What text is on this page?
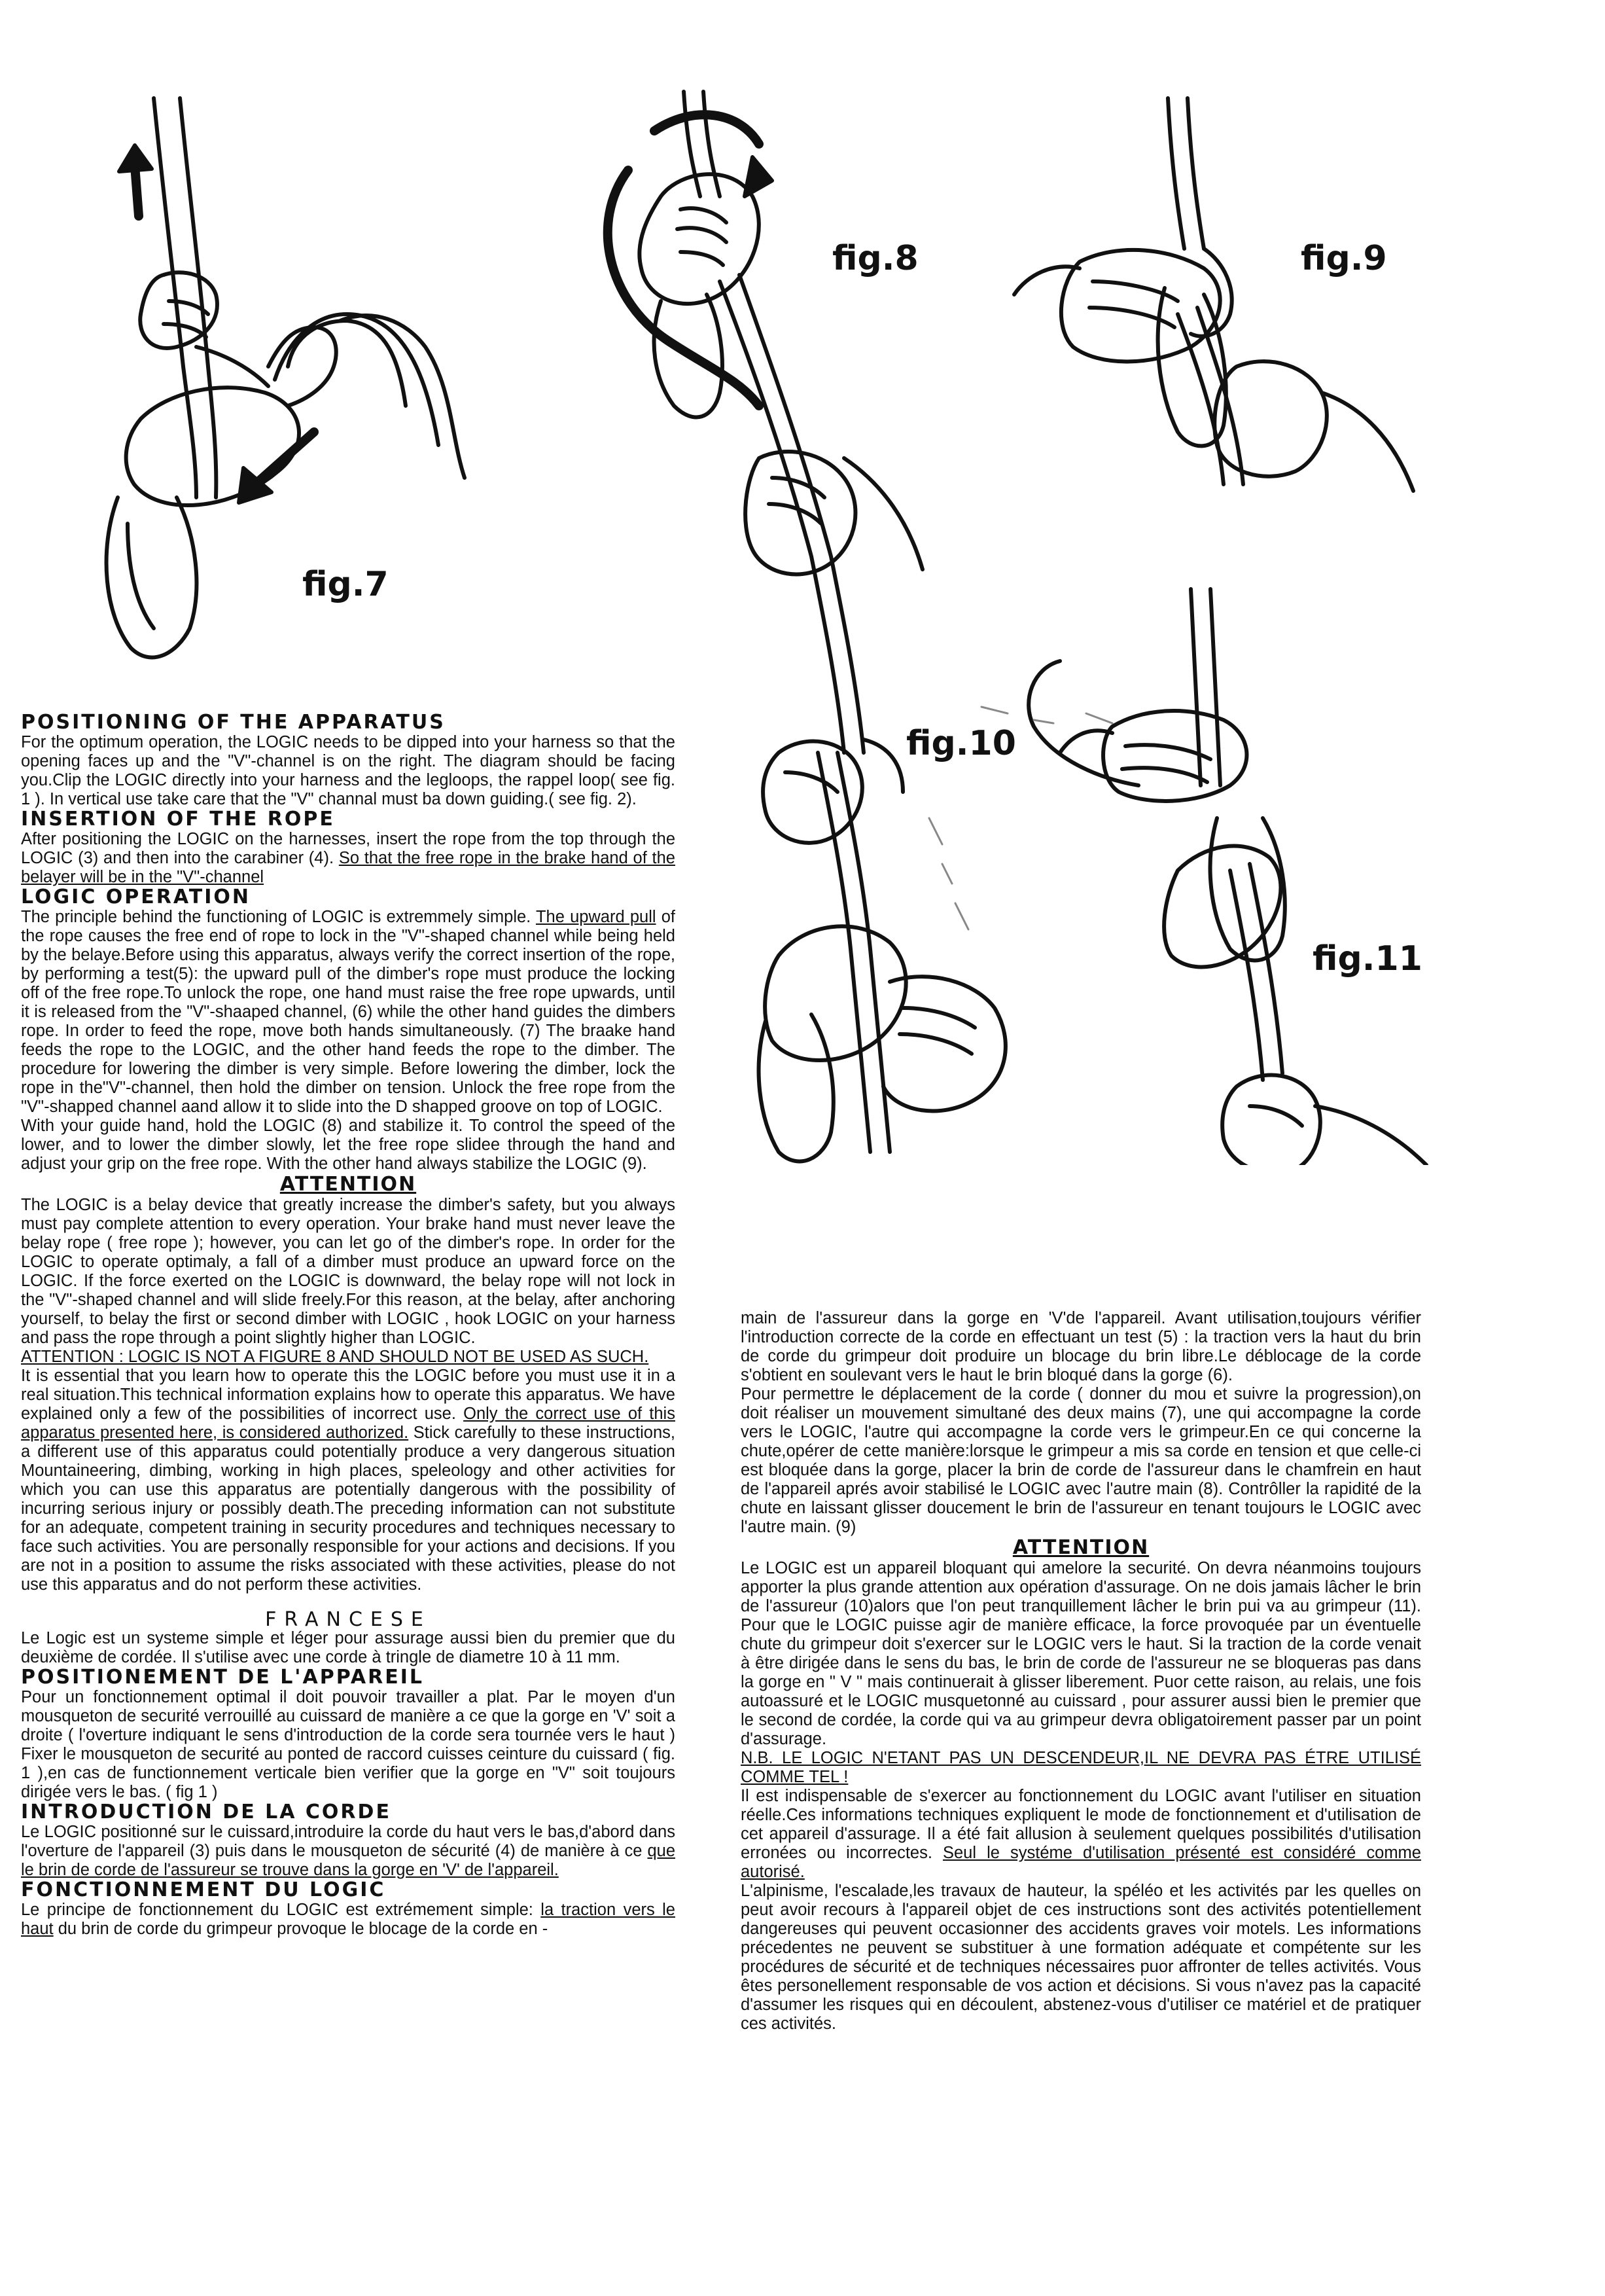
fig.7
fig.8	fig.9
fig.10
fig.11

POSITIONING OF THE APPARATUS

For the optimum operation, the LOGIC needs to be dipped into your harness so that the opening faces up and the "V"-channel is on the right. The diagram should be facing you.Clip the LOGIC directly into your harness and the legloops, the rappel loop( see fig. 1 ). In vertical use take care that the "V" channal must ba down guiding.( see fig. 2).

INSERTION OF THE ROPE

After positioning the LOGIC on the harnesses, insert the rope from the top through the LOGIC (3) and then into the carabiner (4). So that the free rope in the brake hand of the belayer will be in the "V"-channel

LOGIC OPERATION

The principle behind the functioning of LOGIC is extremmely simple. The upward pull of the rope causes the free end of rope to lock in the "V"-shaped channel while being held by the belaye.Before using this apparatus, always verify the correct insertion of the rope, by performing a test(5): the upward pull of the dimber's rope must produce the locking off of the free rope.To unlock the rope, one hand must raise the free rope upwards, until it is released from the "V"-shaaped channel, (6) while the other hand guides the dimbers rope. In order to feed the rope, move both hands simultaneously. (7) The braake hand feeds the rope to the LOGIC, and the other hand feeds the rope to the dimber. The procedure for lowering the dimber is very simple. Before lowering the dimber, lock the rope in the"V"-channel, then hold the dimber on tension. Unlock the free rope from the "V"-shapped channel aand allow it to slide into the D shapped groove on top of LOGIC.

With your guide hand, hold the LOGIC (8) and stabilize it. To control the speed of the lower, and to lower the dimber slowly, let the free rope slidee through the hand and adjust your grip on the free rope. With the other hand always stabilize the LOGIC (9).

ATTENTION

The LOGIC is a belay device that greatly increase the dimber's safety, but you always must pay complete attention to every operation. Your brake hand must never leave the belay rope ( free rope ); however, you can let go of the dimber's rope. In order for the LOGIC to operate optimaly, a fall of a dimber must produce an upward force on the LOGIC. If the force exerted on the LOGIC is downward, the belay rope will not lock in the "V"-shaped channel and will slide freely.For this reason, at the belay, after anchoring yourself, to belay the first or second dimber with LOGIC , hook LOGIC on your harness and pass the rope through a point slightly higher than LOGIC.

ATTENTION : LOGIC IS NOT A FIGURE 8 AND SHOULD NOT BE USED AS SUCH.

It is essential that you learn how to operate this the LOGIC before you must use it in a real situation.This technical information explains how to operate this apparatus. We have explained only a few of the possibilities of incorrect use. Only the correct use of this apparatus presented here, is considered authorized. Stick carefully to these instructions, a different use of this apparatus could potentially produce a very dangerous situation Mountaineering, dimbing, working in high places, speleology and other activities for which you can use this apparatus are potentially dangerous with the possibility of incurring serious injury or possibly death.The preceding information can not substitute for an adequate, competent training in security procedures and techniques necessary to face such activities. You are personally responsible for your actions and decisions. If you are not in a position to assume the risks associated with these activities, please do not use this apparatus and do not perform these activities.

FRANCESE

Le Logic est un systeme simple et léger pour assurage aussi bien du premier que du deuxième de cordée. Il s'utilise avec une corde à tringle de diametre 10 à 11 mm.

POSITIONEMENT DE L'APPAREIL

Pour un fonctionnement optimal il doit pouvoir travailler a plat. Par le moyen d'un mousqueton de securité verrouillé au cuissard de manière a ce que la gorge en 'V' soit a droite ( l'overture indiquant le sens d'introduction de la corde sera tournée vers le haut ) Fixer le mousqueton de securité au ponted de raccord cuisses ceinture du cuissard ( fig. 1 ),en cas de functionnement verticale bien verifier que la gorge en "V" soit toujours dirigée vers le bas. ( fig 1 )

INTRODUCTION DE LA CORDE

Le LOGIC positionné sur le cuissard,introduire la corde du haut vers le bas,d'abord dans l'overture de l'appareil (3) puis dans le mousqueton de sécurité (4) de manière à ce que le brin de corde de l'assureur se trouve dans la gorge en 'V' de l'appareil.

FONCTIONNEMENT DU LOGIC

Le principe de fonctionnement du LOGIC est extrémement simple: la traction vers le haut du brin de corde du grimpeur provoque le blocage de la corde en -

main de l'assureur dans la gorge en 'V'de l'appareil. Avant utilisation,toujours vérifier l'introduction correcte de la corde en effectuant un test (5) : la traction vers la haut du brin de corde du grimpeur doit produire un blocage du brin libre.Le déblocage de la corde s'obtient en soulevant vers le haut le brin bloqué dans la gorge (6).

Pour permettre le déplacement de la corde ( donner du mou et suivre la progression),on doit réaliser un mouvement simultané des deux mains (7), une qui accompagne la corde vers le LOGIC, l'autre qui accompagne la corde vers le grimpeur.En ce qui concerne la chute,opérer de cette manière:lorsque le grimpeur a mis sa corde en tension et que celle-ci est bloquée dans la gorge, placer la brin de corde de l'assureur dans le chamfrein en haut de l'appareil aprés avoir stabilisé le LOGIC avec l'autre main (8). Contrôller la rapidité de la chute en laissant glisser doucement le brin de l'assureur en tenant toujours le LOGIC avec l'autre main. (9)

ATTENTION

Le LOGIC est un appareil bloquant qui amelore la securité. On devra néanmoins toujours apporter la plus grande attention aux opération d'assurage. On ne dois jamais lâcher le brin de l'assureur (10)alors que l'on peut tranquillement lâcher le brin pui va au grimpeur (11). Pour que le LOGIC puisse agir de manière efficace, la force provoquée par un éventuelle chute du grimpeur doit s'exercer sur le LOGIC vers le haut. Si la traction de la corde venait à être dirigée dans le sens du bas, le brin de corde de l'assureur ne se bloqueras pas dans la gorge en " V " mais continuerait à glisser liberement. Puor cette raison, au relais, une fois autoassuré et le LOGIC musquetonné au cuissard , pour assurer aussi bien le premier que le second de cordée, la corde qui va au grimpeur devra obligatoirement passer par un point d'assurage.

N.B. LE LOGIC N'ETANT PAS UN DESCENDEUR,IL NE DEVRA PAS ÉTRE UTILISÉ COMME TEL !

Il est indispensable de s'exercer au fonctionnement du LOGIC avant l'utiliser en situation réelle.Ces informations techniques expliquent le mode de fonctionnement et d'utilisation de cet appareil d'assurage. Il a été fait allusion à seulement quelques possibilités d'utilisation erronées ou incorrectes. Seul le systéme d'utilisation présenté est considéré comme autorisé.

L'alpinisme, l'escalade,les travaux de hauteur, la spéléo et les activités par les quelles on peut avoir recours à l'appareil objet de ces instructions sont des activités potentiellement dangereuses qui peuvent occasionner des accidents graves voir motels. Les informations précedentes ne peuvent se substituer à une formation adéquate et compétente sur les procédures de sécurité et de techniques nécessaires puor affronter de telles activités. Vous êtes personellement responsable de vos action et décisions. Si vous n'avez pas la capacité d'assumer les risques qui en découlent, abstenez-vous d'utiliser ce matériel et de pratiquer ces activités.
